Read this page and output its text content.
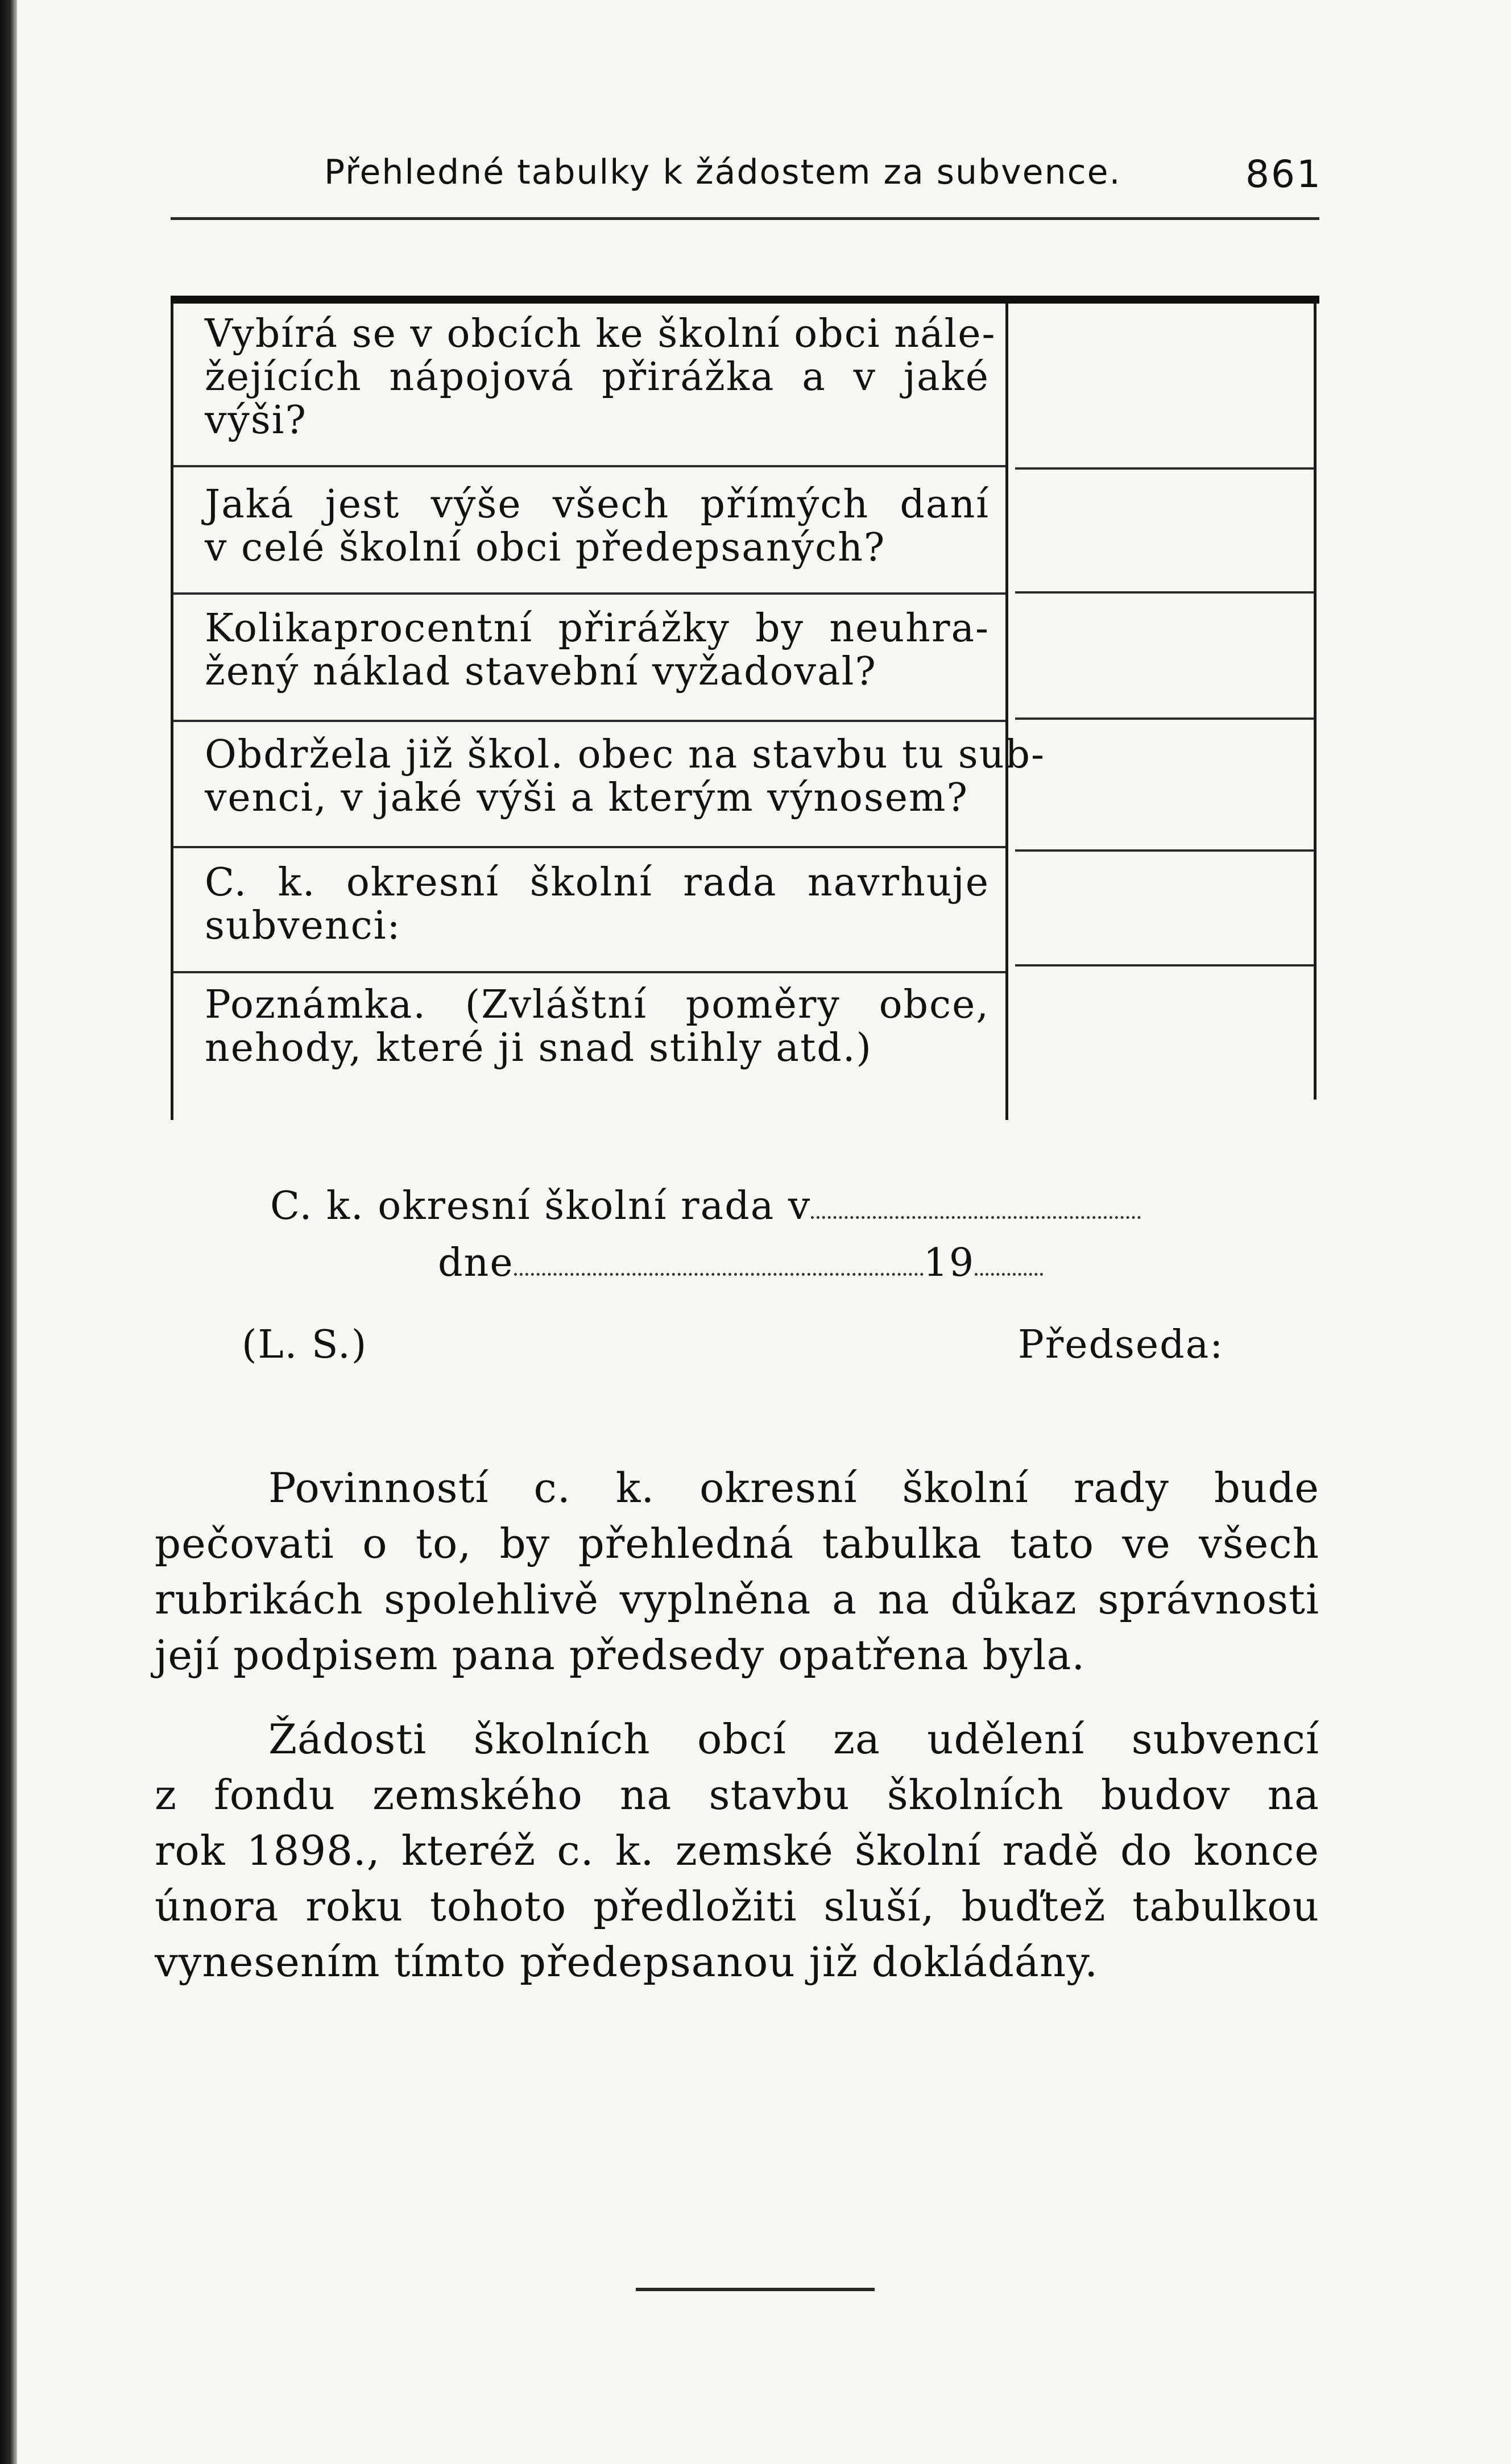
Přehledné tabulky k žádostem za subvence.	861
Vybírá se v obcích ke školní obci nále-
žejících nápojová přirážka a v jaké
výši?
Jaká jest výše všech přímých daní
v celé školní obci předepsaných?
Kolikaprocentní přirážky by neuhra-
žený náklad stavební vyžadoval?
Obdržela již škol. obec na stavbu tu sub-
venci, v jaké výši a kterým výnosem?
C. k. okresní školní rada navrhuje
subvenci:
Poznámka. (Zvláštní poměry obce,
nehody, které ji snad stihly atd.)
C. k. okresní školní rada v
dne	19
(L. S.)	Předseda:
Povinností c. k. okresní školní rady bude
pečovati o to, by přehledná tabulka tato ve všech
rubrikách spolehlivě vyplněna a na důkaz správnosti
její podpisem pana předsedy opatřena byla.
Žádosti školních obcí za udělení subvencí
z fondu zemského na stavbu školních budov na
rok 1898., kteréž c. k. zemské školní radě do konce
února roku tohoto předložiti sluší, buďtež tabulkou
vynesením tímto předepsanou již dokládány.
